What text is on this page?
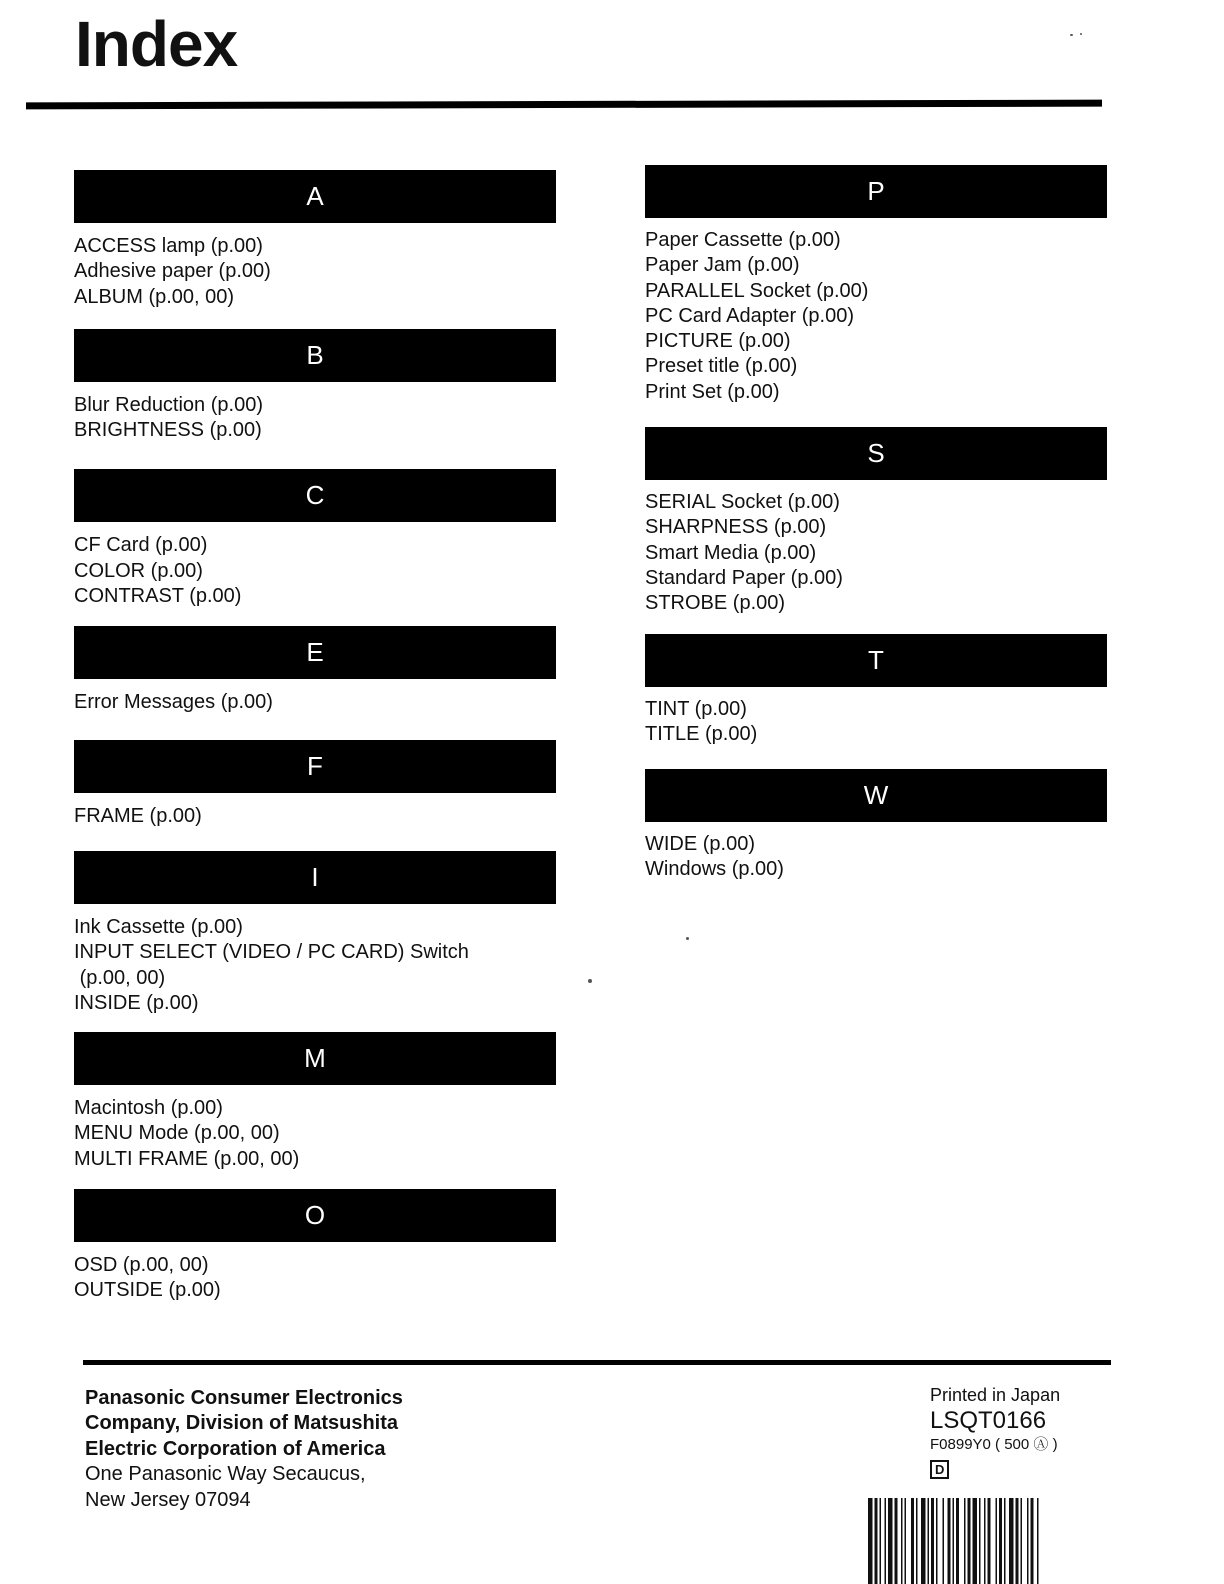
Index
A
ACCESS lamp (p.00)
Adhesive paper (p.00)
ALBUM (p.00, 00)
B
Blur Reduction (p.00)
BRIGHTNESS (p.00)
C
CF Card (p.00)
COLOR (p.00)
CONTRAST (p.00)
E
Error Messages (p.00)
F
FRAME (p.00)
I
Ink Cassette (p.00)
INPUT SELECT (VIDEO / PC CARD) Switch
(p.00, 00)
INSIDE (p.00)
M
Macintosh (p.00)
MENU Mode (p.00, 00)
MULTI FRAME (p.00, 00)
O
OSD (p.00, 00)
OUTSIDE (p.00)
P
Paper Cassette (p.00)
Paper Jam (p.00)
PARALLEL Socket (p.00)
PC Card Adapter (p.00)
PICTURE (p.00)
Preset title (p.00)
Print Set (p.00)
S
SERIAL Socket (p.00)
SHARPNESS (p.00)
Smart Media (p.00)
Standard Paper (p.00)
STROBE (p.00)
T
TINT (p.00)
TITLE (p.00)
W
WIDE (p.00)
Windows (p.00)
Panasonic Consumer Electronics
Company, Division of Matsushita
Electric Corporation of America
One Panasonic Way Secaucus,
New Jersey 07094
Printed in Japan
LSQT0166
F0899Y0 ( 500 Ⓐ )
D
